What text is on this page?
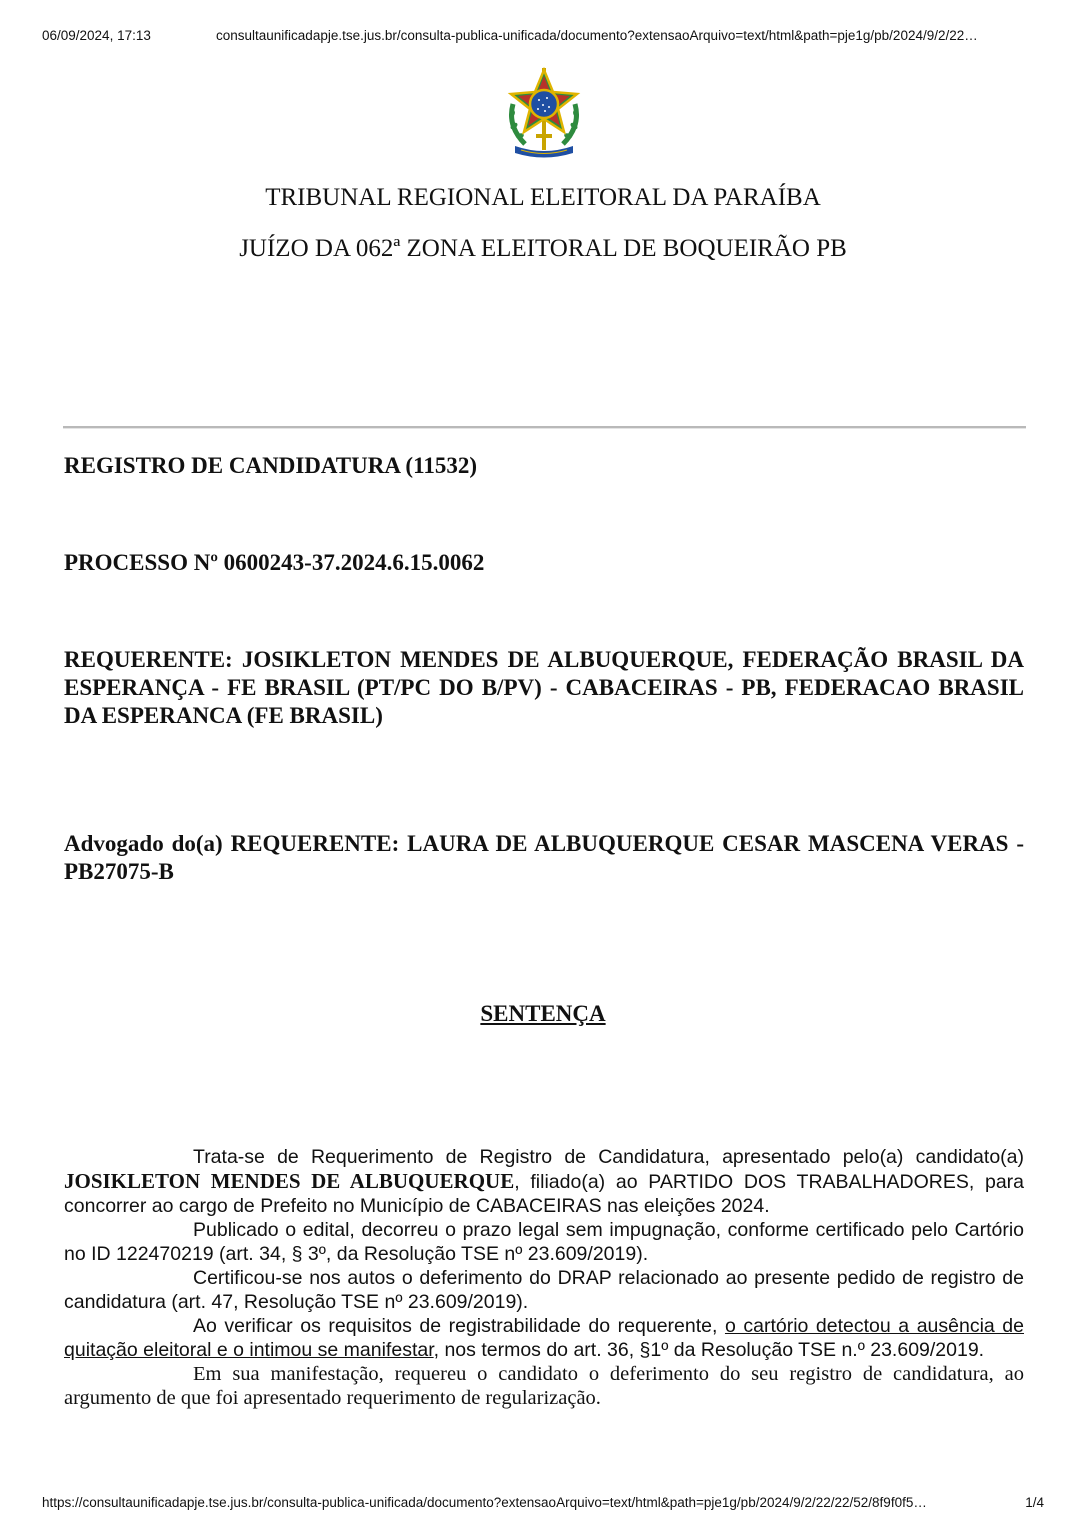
06/09/2024, 17:13	consultaunificadapje.tse.jus.br/consulta-publica-unificada/documento?extensaoArquivo=text/html&path=pje1g/pb/2024/9/2/22…
TRIBUNAL REGIONAL ELEITORAL DA PARAÍBA
JUÍZO DA 062ª ZONA ELEITORAL DE BOQUEIRÃO PB
REGISTRO DE CANDIDATURA (11532)
PROCESSO Nº 0600243-37.2024.6.15.0062
REQUERENTE: JOSIKLETON MENDES DE ALBUQUERQUE, FEDERAÇÃO BRASIL DA ESPERANÇA - FE BRASIL (PT/PC DO B/PV) - CABACEIRAS - PB, FEDERACAO BRASIL DA ESPERANCA (FE BRASIL)
Advogado do(a) REQUERENTE: LAURA DE ALBUQUERQUE CESAR MASCENA VERAS - PB27075-B
SENTENÇA

Trata-se de Requerimento de Registro de Candidatura, apresentado pelo(a) candidato(a) JOSIKLETON MENDES DE ALBUQUERQUE, filiado(a) ao PARTIDO DOS TRABALHADORES, para concorrer ao cargo de Prefeito no Município de CABACEIRAS nas eleições 2024.

Publicado o edital, decorreu o prazo legal sem impugnação, conforme certificado pelo Cartório no ID 122470219 (art. 34, § 3º, da Resolução TSE nº 23.609/2019).

Certificou-se nos autos o deferimento do DRAP relacionado ao presente pedido de registro de candidatura (art. 47, Resolução TSE nº 23.609/2019).

Ao verificar os requisitos de registrabilidade do requerente, o cartório detectou a ausência de quitação eleitoral e o intimou se manifestar, nos termos do art. 36, §1º da Resolução TSE n.º 23.609/2019.

Em sua manifestação, requereu o candidato o deferimento do seu registro de candidatura, ao argumento de que foi apresentado requerimento de regularização.

https://consultaunificadapje.tse.jus.br/consulta-publica-unificada/documento?extensaoArquivo=text/html&path=pje1g/pb/2024/9/2/22/22/52/8f9f0f5…	1/4
